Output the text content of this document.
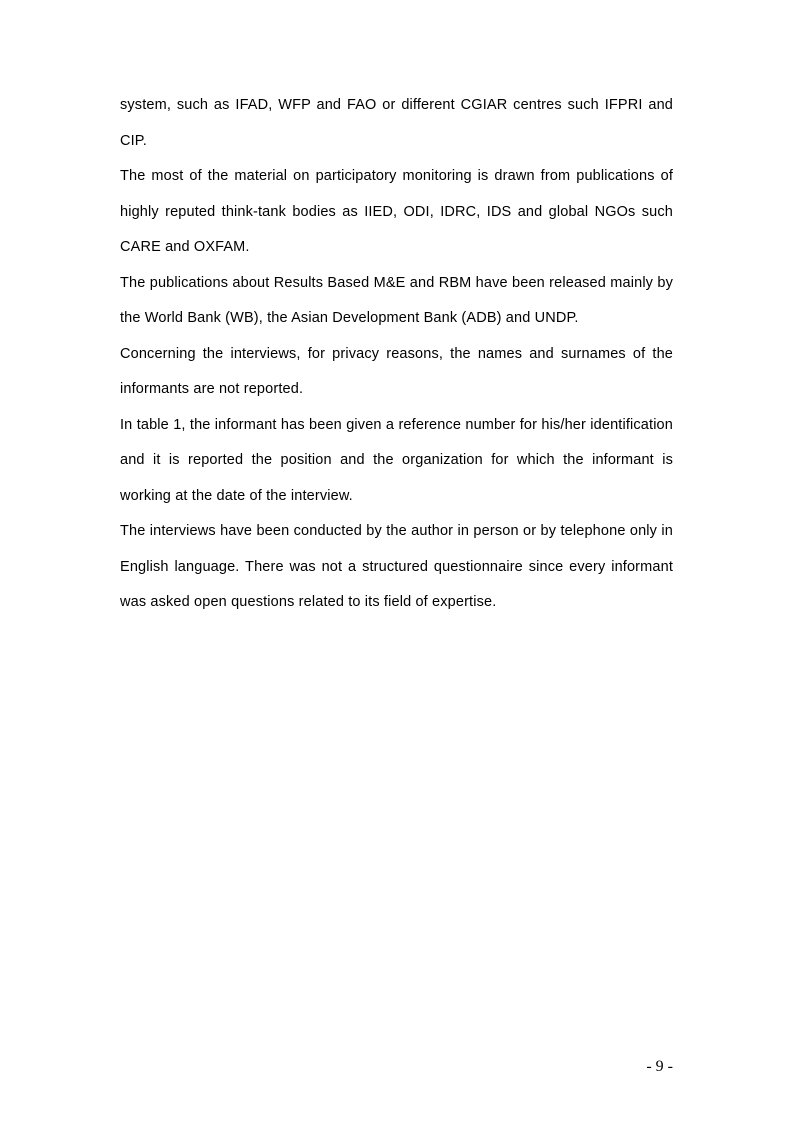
system, such as IFAD, WFP and FAO or different CGIAR centres such IFPRI and CIP.

The most of the material on participatory monitoring is drawn from publications of highly reputed think-tank bodies as IIED, ODI, IDRC, IDS and global NGOs such CARE and OXFAM.

The publications about Results Based M&E and RBM have been released mainly by the World Bank (WB), the Asian Development Bank (ADB) and UNDP.

Concerning the interviews, for privacy reasons, the names and surnames of the informants are not reported.

In table 1, the informant has been given a reference number for his/her identification and it is reported the position and the organization for which the informant is working at the date of the interview.

The interviews have been conducted by the author in person or by telephone only in English language. There was not a structured questionnaire since every informant was asked open questions related to its field of expertise.

- 9 -
